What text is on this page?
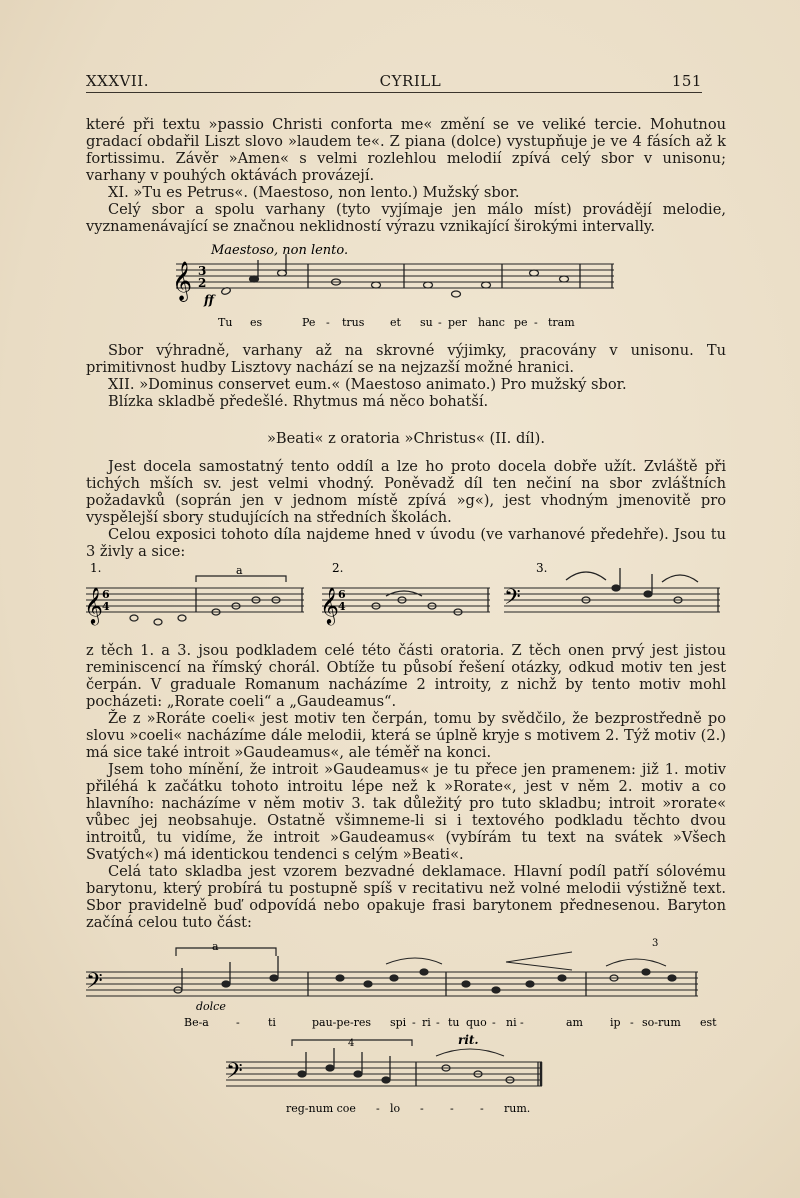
XXXVII.	CYRILL	151

které při textu »passio Christi conforta me« změní se ve veliké tercie. Mohutnou gradací obdařil Liszt slovo »laudem te«. Z piana (dolce) vystupňuje je ve 4 fásích až k fortissimu. Závěr »Amen« s velmi rozlehlou melodií zpívá celý sbor v unisonu; varhany v pouhých oktávách provázejí.

XI. »Tu es Petrus«. (Maestoso, non lento.) Mužský sbor.

Celý sbor a spolu varhany (tyto vyjímaje jen málo míst) provádějí melodie, vyznamenávající se značnou neklidností výrazu vznikající širokými intervally.

Maestoso, non lento.
𝄞 3
2
ff
Tu es	Pe - trus et su - per hanc pe - tram

Sbor výhradně, varhany až na skrovné výjimky, pracovány v unisonu. Tu primitivnost hudby Lisztovy nachází se na nejzazší možné hranici.

XII. »Dominus conservet eum.« (Maestoso animato.) Pro mužský sbor.

Blízka skladbě předešlé. Rhytmus má něco bohatší.

»Beati« z oratoria »Christus« (II. díl).

Jest docela samostatný tento oddíl a lze ho proto docela dobře užít. Zvláště při tichých mších sv. jest velmi vhodný. Poněvadž díl ten nečiní na sbor zvláštních požadavků (soprán jen v jednom místě zpívá »g«), jest vhodným jmenovitě pro vyspělejší sbory studujících na středních školách.

Celou exposici tohoto díla najdeme hned v úvodu (ve varhanové předehře). Jsou tu 3 živly a sice:

1.	2.	3.
𝄞	𝄞	𝄢
6
4
6
4
a

z těch 1. a 3. jsou podkladem celé této části oratoria. Z těch onen prvý jest jistou reminiscencí na římský chorál. Obtíže tu působí řešení otázky, odkud motiv ten jest čerpán. V graduale Romanum nacházíme 2 introity, z nichž by tento motiv mohl pocházeti: „Rorate coeli“ a „Gaudeamus“.

Že z »Roráte coeli« jest motiv ten čerpán, tomu by svědčilo, že bezprostředně po slovu »coeli« nacházíme dále melodii, která se úplně kryje s motivem 2. Týž motiv (2.) má sice také introit »Gaudeamus«, ale téměř na konci.

Jsem toho mínění, že introit »Gaudeamus« je tu přece jen pramenem: již 1. motiv přiléhá k začátku tohoto introitu lépe než k »Rorate«, jest v něm 2. motiv a co hlavního: nacházíme v něm motiv 3. tak důležitý pro tuto skladbu; introit »rorate« vůbec jej neobsahuje. Ostatně všimneme-li si i textového podkladu těchto dvou introitů, tu vidíme, že introit »Gaudeamus« (vybírám tu text na svátek »Všech Svatých«) má identickou tendenci s celým »Beati«.

Celá tato skladba jest vzorem bezvadné deklamace. Hlavní podíl patří sólovému barytonu, který probírá tu postupně spíš v recitativu než volné melodii výstižně text. Sbor pravidelně buď odpovídá nebo opakuje frasi barytonem přednesenou. Baryton začíná celou tuto část:

𝄢
a	3
dolce
Be-a -	ti	pau-pe-res spi - ri - tu quo - ni -	am ip - so-rum est
𝄢
4	rit.
reg-num coe - lo - - - rum.
